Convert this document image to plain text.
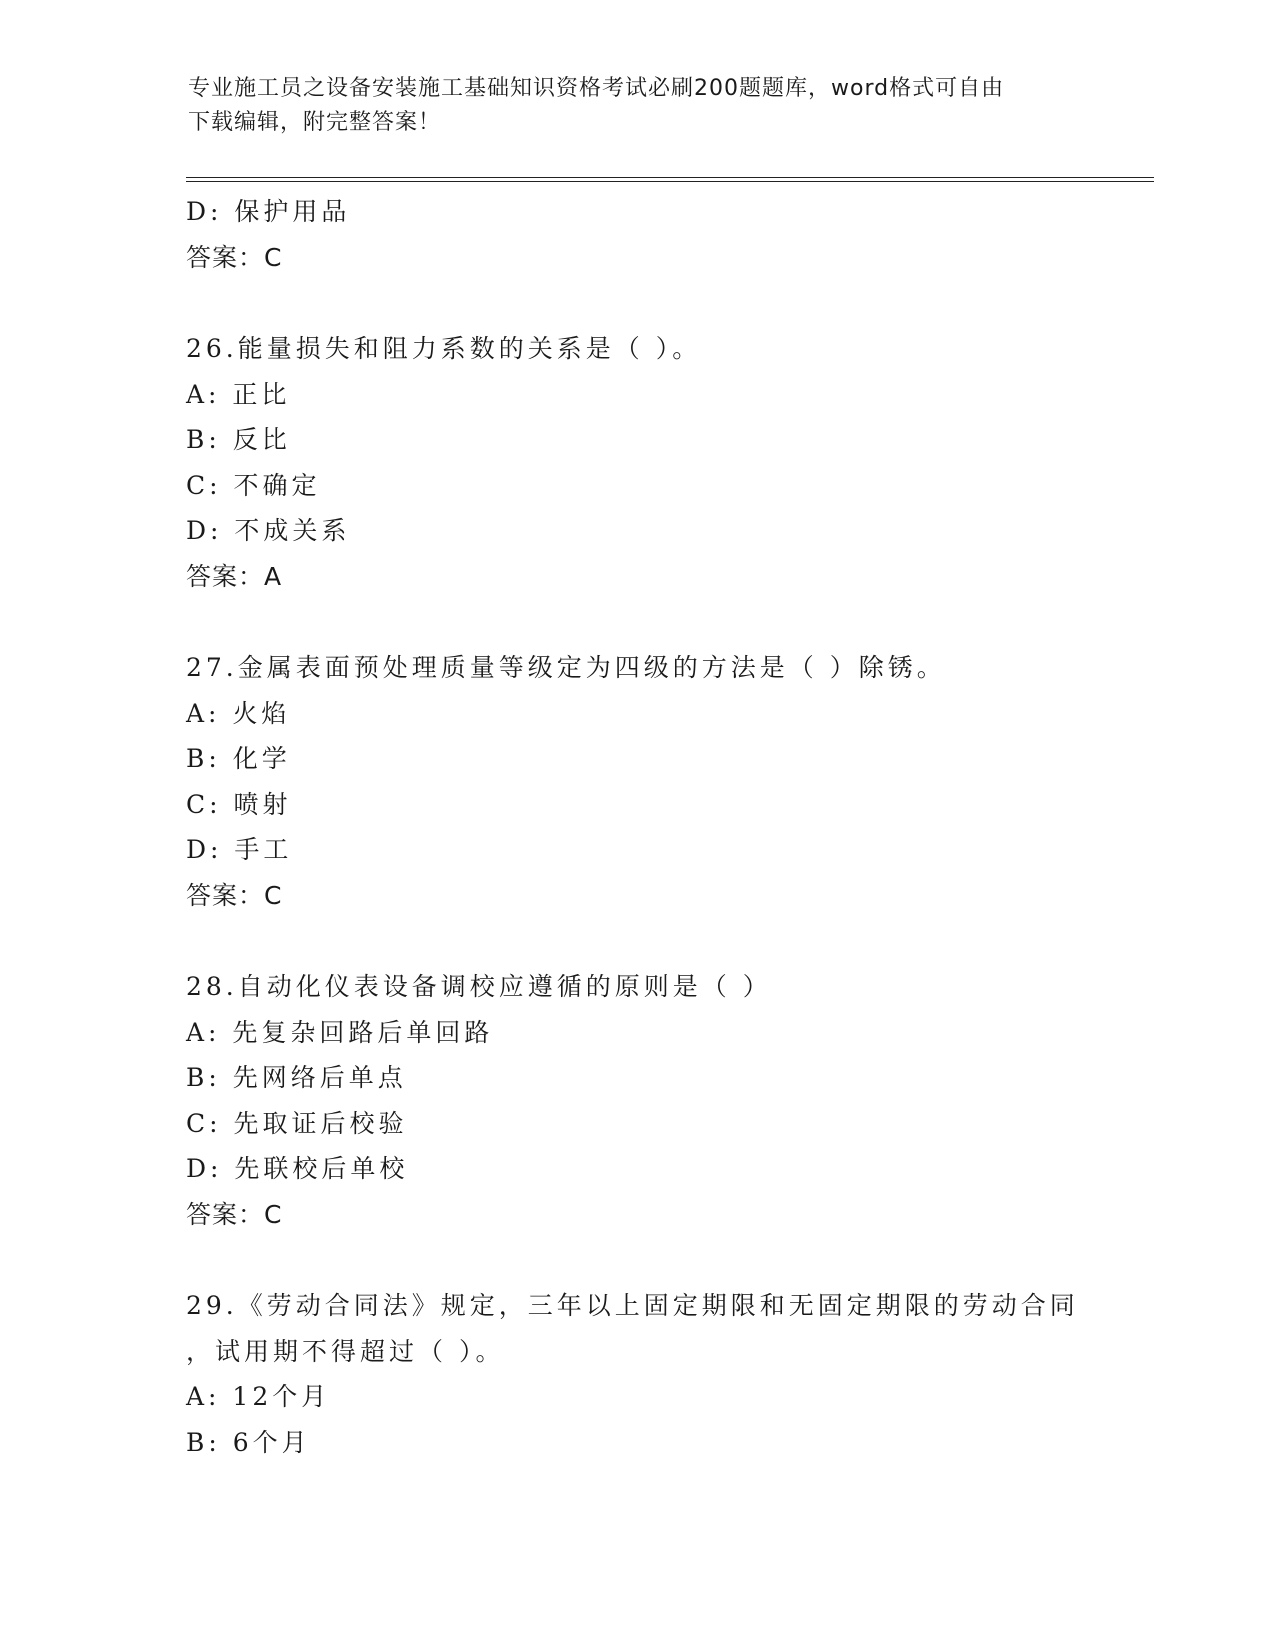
专业施工员之设备安装施工基础知识资格考试必刷200题题库，word格式可自由
下载编辑，附完整答案！
D: 保护用品
答案：C
26.能量损失和阻力系数的关系是（ ）。
A: 正比
B: 反比
C: 不确定
D: 不成关系
答案：A
27.金属表面预处理质量等级定为四级的方法是（ ）除锈。
A: 火焰
B: 化学
C: 喷射
D: 手工
答案：C
28.自动化仪表设备调校应遵循的原则是（ ）
A: 先复杂回路后单回路
B: 先网络后单点
C: 先取证后校验
D: 先联校后单校
答案：C
29.《劳动合同法》规定，三年以上固定期限和无固定期限的劳动合同
，试用期不得超过（ ）。
A: 12个月
B: 6个月
